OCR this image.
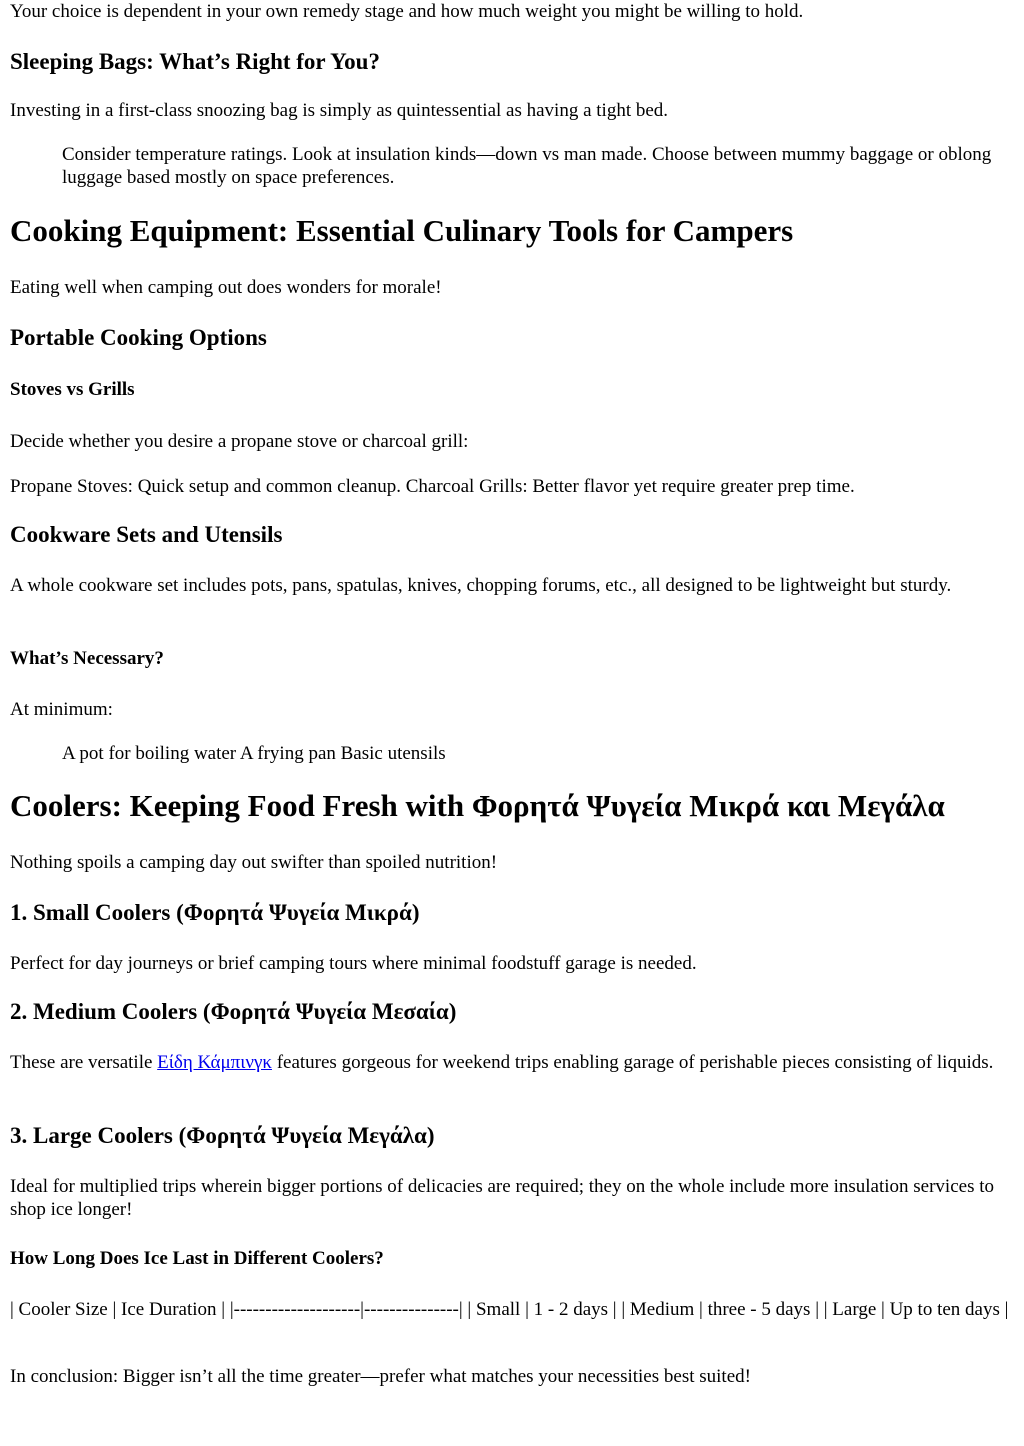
Your choice is dependent in your own remedy stage and how much weight you might be willing to hold.

Sleeping Bags: What’s Right for You?

Investing in a first-class snoozing bag is simply as quintessential as having a tight bed.

Consider temperature ratings. Look at insulation kinds—down vs man made. Choose between mummy baggage or oblong luggage based mostly on space preferences.

Cooking Equipment: Essential Culinary Tools for Campers

Eating well when camping out does wonders for morale!

Portable Cooking Options
Stoves vs Grills

Decide whether you desire a propane stove or charcoal grill:

Propane Stoves: Quick setup and common cleanup. Charcoal Grills: Better flavor yet require greater prep time.

Cookware Sets and Utensils

A whole cookware set includes pots, pans, spatulas, knives, chopping forums, etc., all designed to be lightweight but sturdy.

What’s Necessary?

At minimum:

A pot for boiling water A frying pan Basic utensils

Coolers: Keeping Food Fresh with Φορητά Ψυγεία Μικρά και Μεγάλα

Nothing spoils a camping day out swifter than spoiled nutrition!

1. Small Coolers (Φορητά Ψυγεία Μικρά)

Perfect for day journeys or brief camping tours where minimal foodstuff garage is needed.

2. Medium Coolers (Φορητά Ψυγεία Μεσαία)

These are versatile Είδη Κάμπινγκ features gorgeous for weekend trips enabling garage of perishable pieces consisting of liquids.

3. Large Coolers (Φορητά Ψυγεία Μεγάλα)

Ideal for multiplied trips wherein bigger portions of delicacies are required; they on the whole include more insulation services to shop ice longer!

How Long Does Ice Last in Different Coolers?

| Cooler Size | Ice Duration | |--------------------|---------------| | Small | 1 - 2 days | | Medium | three - 5 days | | Large | Up to ten days |

In conclusion: Bigger isn’t all the time greater—prefer what matches your necessities best suited!
